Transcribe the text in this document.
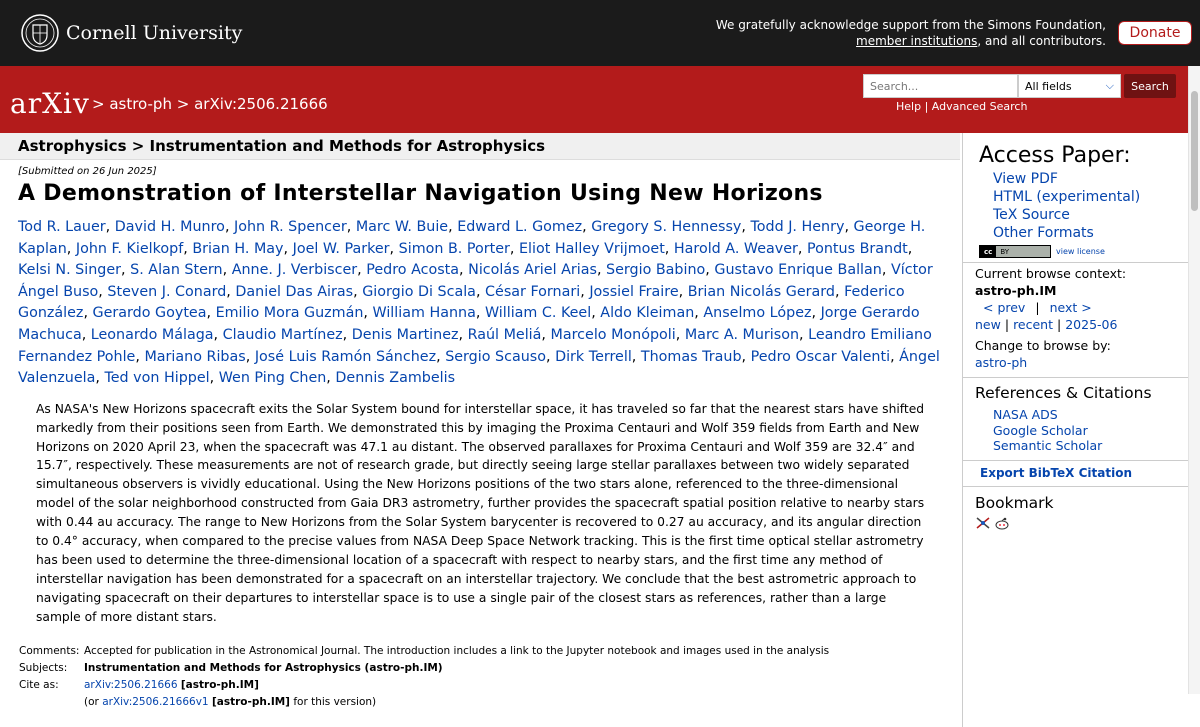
Cornell University	We gratefully acknowledge support from the Simons Foundation,
member institutions, and all contributors.	Donate
arXiv > astro-ph > arXiv:2506.21666
Search...	All fields	⌵	Search
Help | Advanced Search
Astrophysics > Instrumentation and Methods for Astrophysics
[Submitted on 26 Jun 2025]
A Demonstration of Interstellar Navigation Using New Horizons
Tod R. Lauer, David H. Munro, John R. Spencer, Marc W. Buie, Edward L. Gomez, Gregory S. Hennessy, Todd J. Henry, George H. Kaplan, John F. Kielkopf, Brian H. May, Joel W. Parker, Simon B. Porter, Eliot Halley Vrijmoet, Harold A. Weaver, Pontus Brandt, Kelsi N. Singer, S. Alan Stern, Anne. J. Verbiscer, Pedro Acosta, Nicolás Ariel Arias, Sergio Babino, Gustavo Enrique Ballan, Víctor Ángel Buso, Steven J. Conard, Daniel Das Airas, Giorgio Di Scala, César Fornari, Jossiel Fraire, Brian Nicolás Gerard, Federico González, Gerardo Goytea, Emilio Mora Guzmán, William Hanna, William C. Keel, Aldo Kleiman, Anselmo López, Jorge Gerardo Machuca, Leonardo Málaga, Claudio Martínez, Denis Martinez, Raúl Meliá, Marcelo Monópoli, Marc A. Murison, Leandro Emiliano Fernandez Pohle, Mariano Ribas, José Luis Ramón Sánchez, Sergio Scauso, Dirk Terrell, Thomas Traub, Pedro Oscar Valenti, Ángel Valenzuela, Ted von Hippel, Wen Ping Chen, Dennis Zambelis
As NASA's New Horizons spacecraft exits the Solar System bound for interstellar space, it has traveled so far that the nearest stars have shifted markedly from their positions seen from Earth. We demonstrated this by imaging the Proxima Centauri and Wolf 359 fields from Earth and New Horizons on 2020 April 23, when the spacecraft was 47.1 au distant. The observed parallaxes for Proxima Centauri and Wolf 359 are 32.4″ and 15.7″, respectively. These measurements are not of research grade, but directly seeing large stellar parallaxes between two widely separated simultaneous observers is vividly educational. Using the New Horizons positions of the two stars alone, referenced to the three-dimensional model of the solar neighborhood constructed from Gaia DR3 astrometry, further provides the spacecraft spatial position relative to nearby stars with 0.44 au accuracy. The range to New Horizons from the Solar System barycenter is recovered to 0.27 au accuracy, and its angular direction to 0.4° accuracy, when compared to the precise values from NASA Deep Space Network tracking. This is the first time optical stellar astrometry has been used to determine the three-dimensional location of a spacecraft with respect to nearby stars, and the first time any method of interstellar navigation has been demonstrated for a spacecraft on an interstellar trajectory. We conclude that the best astrometric approach to navigating spacecraft on their departures to interstellar space is to use a single pair of the closest stars as references, rather than a large sample of more distant stars.
Comments: Accepted for publication in the Astronomical Journal. The introduction includes a link to the Jupyter notebook and images used in the analysis
Subjects:	Instrumentation and Methods for Astrophysics (astro-ph.IM)
Cite as:	arXiv:2506.21666 [astro-ph.IM]
(or arXiv:2506.21666v1 [astro-ph.IM] for this version)
Access Paper:
View PDF
HTML (experimental)
TeX Source
Other Formats
cc	BY	view license
Current browse context:
astro-ph.IM
< prev | next >
new | recent | 2025-06
Change to browse by:
astro-ph
References & Citations
NASA ADS
Google Scholar
Semantic Scholar
Export BibTeX Citation
Bookmark
